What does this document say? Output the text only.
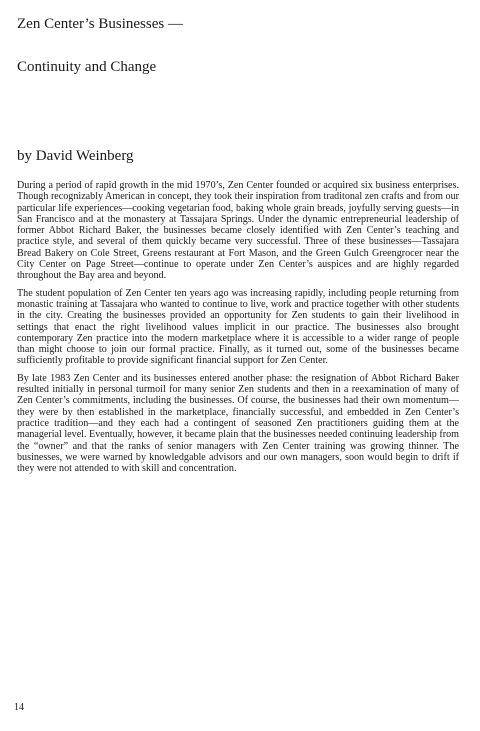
Zen Center’s Businesses —
Continuity and Change
by David Weinberg

During a period of rapid growth in the mid 1970’s, Zen Center founded or acquired six business enterprises. Though recognizably American in concept, they took their inspiration from traditonal zen crafts and from our particular life experiences—cooking vegetarian food, baking whole grain breads, joyfully serving guests—in San Francisco and at the monastery at Tassajara Springs. Under the dynamic entrepreneurial leadership of former Abbot Richard Baker, the businesses became closely identified with Zen Center’s teaching and practice style, and several of them quickly became very successful. Three of these businesses—Tassajara Bread Bakery on Cole Street, Greens restaurant at Fort Mason, and the Green Gulch Greengrocer near the City Center on Page Street—continue to operate under Zen Center’s auspices and are highly regarded throughout the Bay area and beyond.

The student population of Zen Center ten years ago was increasing rapidly, including people returning from monastic training at Tassajara who wanted to continue to live, work and practice together with other students in the city. Creating the businesses provided an opportunity for Zen students to gain their livelihood in settings that enact the right livelihood values implicit in our practice. The businesses also brought contemporary Zen practice into the modern marketplace where it is accessible to a wider range of people than might choose to join our formal practice. Finally, as it turned out, some of the businesses became sufficiently profitable to provide significant financial support for Zen Center.

By late 1983 Zen Center and its businesses entered another phase: the resignation of Abbot Richard Baker resulted initially in personal turmoil for many senior Zen students and then in a reexamination of many of Zen Center’s commitments, including the businesses. Of course, the businesses had their own momentum—they were by then established in the marketplace, financially successful, and embedded in Zen Center’s practice tradition—and they each had a contingent of seasoned Zen practitioners guiding them at the managerial level. Eventually, however, it became plain that the businesses needed continuing leadership from the “owner” and that the ranks of senior managers with Zen Center training was growing thinner. The businesses, we were warned by knowledgable advisors and our own managers, soon would begin to drift if they were not attended to with skill and concentration.

14
